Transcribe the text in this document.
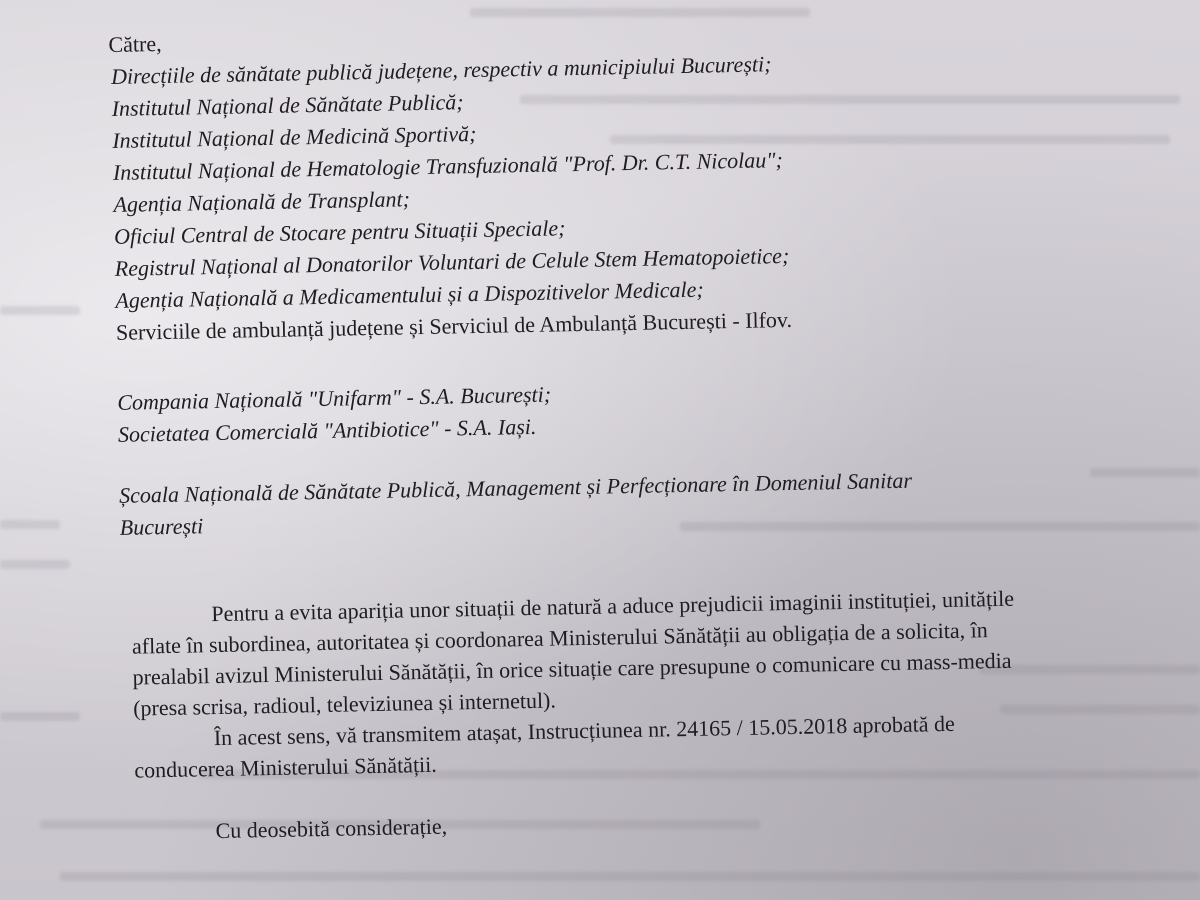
Către,
Direcțiile de sănătate publică județene, respectiv a municipiului București;
Institutul Național de Sănătate Publică;
Institutul Național de Medicină Sportivă;
Institutul Național de Hematologie Transfuzională "Prof. Dr. C.T. Nicolau";
Agenția Națională de Transplant;
Oficiul Central de Stocare pentru Situații Speciale;
Registrul Național al Donatorilor Voluntari de Celule Stem Hematopoietice;
Agenția Națională a Medicamentului și a Dispozitivelor Medicale;
Serviciile de ambulanță județene și Serviciul de Ambulanță București - Ilfov.
Compania Națională "Unifarm" - S.A. București;
Societatea Comercială "Antibiotice" - S.A. Iași.
Școala Națională de Sănătate Publică, Management și Perfecționare în Domeniul Sanitar
București
Pentru a evita apariția unor situații de natură a aduce prejudicii imaginii instituției, unitățile
aflate în subordinea, autoritatea și coordonarea Ministerului Sănătății au obligația de a solicita, în
prealabil avizul Ministerului Sănătății, în orice situație care presupune o comunicare cu mass-media
(presa scrisa, radioul, televiziunea și internetul).
În acest sens, vă transmitem atașat, Instrucțiunea nr. 24165 / 15.05.2018 aprobată de
conducerea Ministerului Sănătății.
Cu deosebită considerație,
